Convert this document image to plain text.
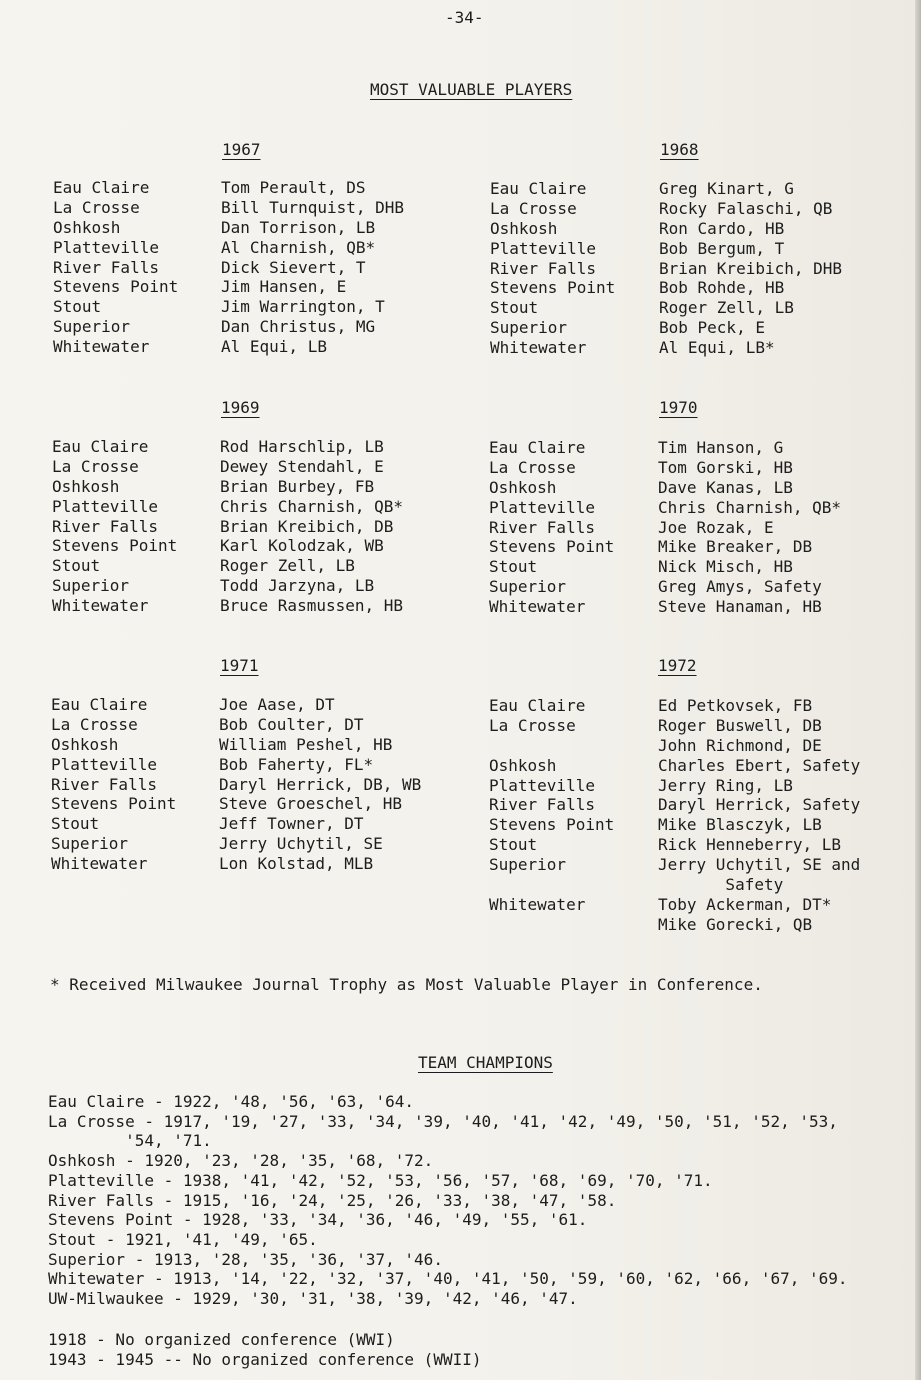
-34-
MOST VALUABLE PLAYERS
1967
Eau Claire
La Crosse
Oshkosh
Platteville
River Falls
Stevens Point
Stout
Superior
Whitewater
Tom Perault, DS
Bill Turnquist, DHB
Dan Torrison, LB
Al Charnish, QB*
Dick Sievert, T
Jim Hansen, E
Jim Warrington, T
Dan Christus, MG
Al Equi, LB
1968
Eau Claire
La Crosse
Oshkosh
Platteville
River Falls
Stevens Point
Stout
Superior
Whitewater
Greg Kinart, G
Rocky Falaschi, QB
Ron Cardo, HB
Bob Bergum, T
Brian Kreibich, DHB
Bob Rohde, HB
Roger Zell, LB
Bob Peck, E
Al Equi, LB*
1969
Eau Claire
La Crosse
Oshkosh
Platteville
River Falls
Stevens Point
Stout
Superior
Whitewater
Rod Harschlip, LB
Dewey Stendahl, E
Brian Burbey, FB
Chris Charnish, QB*
Brian Kreibich, DB
Karl Kolodzak, WB
Roger Zell, LB
Todd Jarzyna, LB
Bruce Rasmussen, HB
1970
Eau Claire
La Crosse
Oshkosh
Platteville
River Falls
Stevens Point
Stout
Superior
Whitewater
Tim Hanson, G
Tom Gorski, HB
Dave Kanas, LB
Chris Charnish, QB*
Joe Rozak, E
Mike Breaker, DB
Nick Misch, HB
Greg Amys, Safety
Steve Hanaman, HB
1971
Eau Claire
La Crosse
Oshkosh
Platteville
River Falls
Stevens Point
Stout
Superior
Whitewater
Joe Aase, DT
Bob Coulter, DT
William Peshel, HB
Bob Faherty, FL*
Daryl Herrick, DB, WB
Steve Groeschel, HB
Jeff Towner, DT
Jerry Uchytil, SE
Lon Kolstad, MLB
1972
Eau Claire
La Crosse
Oshkosh
Platteville
River Falls
Stevens Point
Stout
Superior
Whitewater
Ed Petkovsek, FB
Roger Buswell, DB
John Richmond, DE
Charles Ebert, Safety
Jerry Ring, LB
Daryl Herrick, Safety
Mike Blasczyk, LB
Rick Henneberry, LB
Jerry Uchytil, SE and
Safety
Toby Ackerman, DT*
Mike Gorecki, QB
* Received Milwaukee Journal Trophy as Most Valuable Player in Conference.
TEAM CHAMPIONS
Eau Claire - 1922, '48, '56, '63, '64.
La Crosse - 1917, '19, '27, '33, '34, '39, '40, '41, '42, '49, '50, '51, '52, '53,
'54, '71.
Oshkosh - 1920, '23, '28, '35, '68, '72.
Platteville - 1938, '41, '42, '52, '53, '56, '57, '68, '69, '70, '71.
River Falls - 1915, '16, '24, '25, '26, '33, '38, '47, '58.
Stevens Point - 1928, '33, '34, '36, '46, '49, '55, '61.
Stout - 1921, '41, '49, '65.
Superior - 1913, '28, '35, '36, '37, '46.
Whitewater - 1913, '14, '22, '32, '37, '40, '41, '50, '59, '60, '62, '66, '67, '69.
UW-Milwaukee - 1929, '30, '31, '38, '39, '42, '46, '47.
1918 - No organized conference (WWI)
1943 - 1945 -- No organized conference (WWII)
